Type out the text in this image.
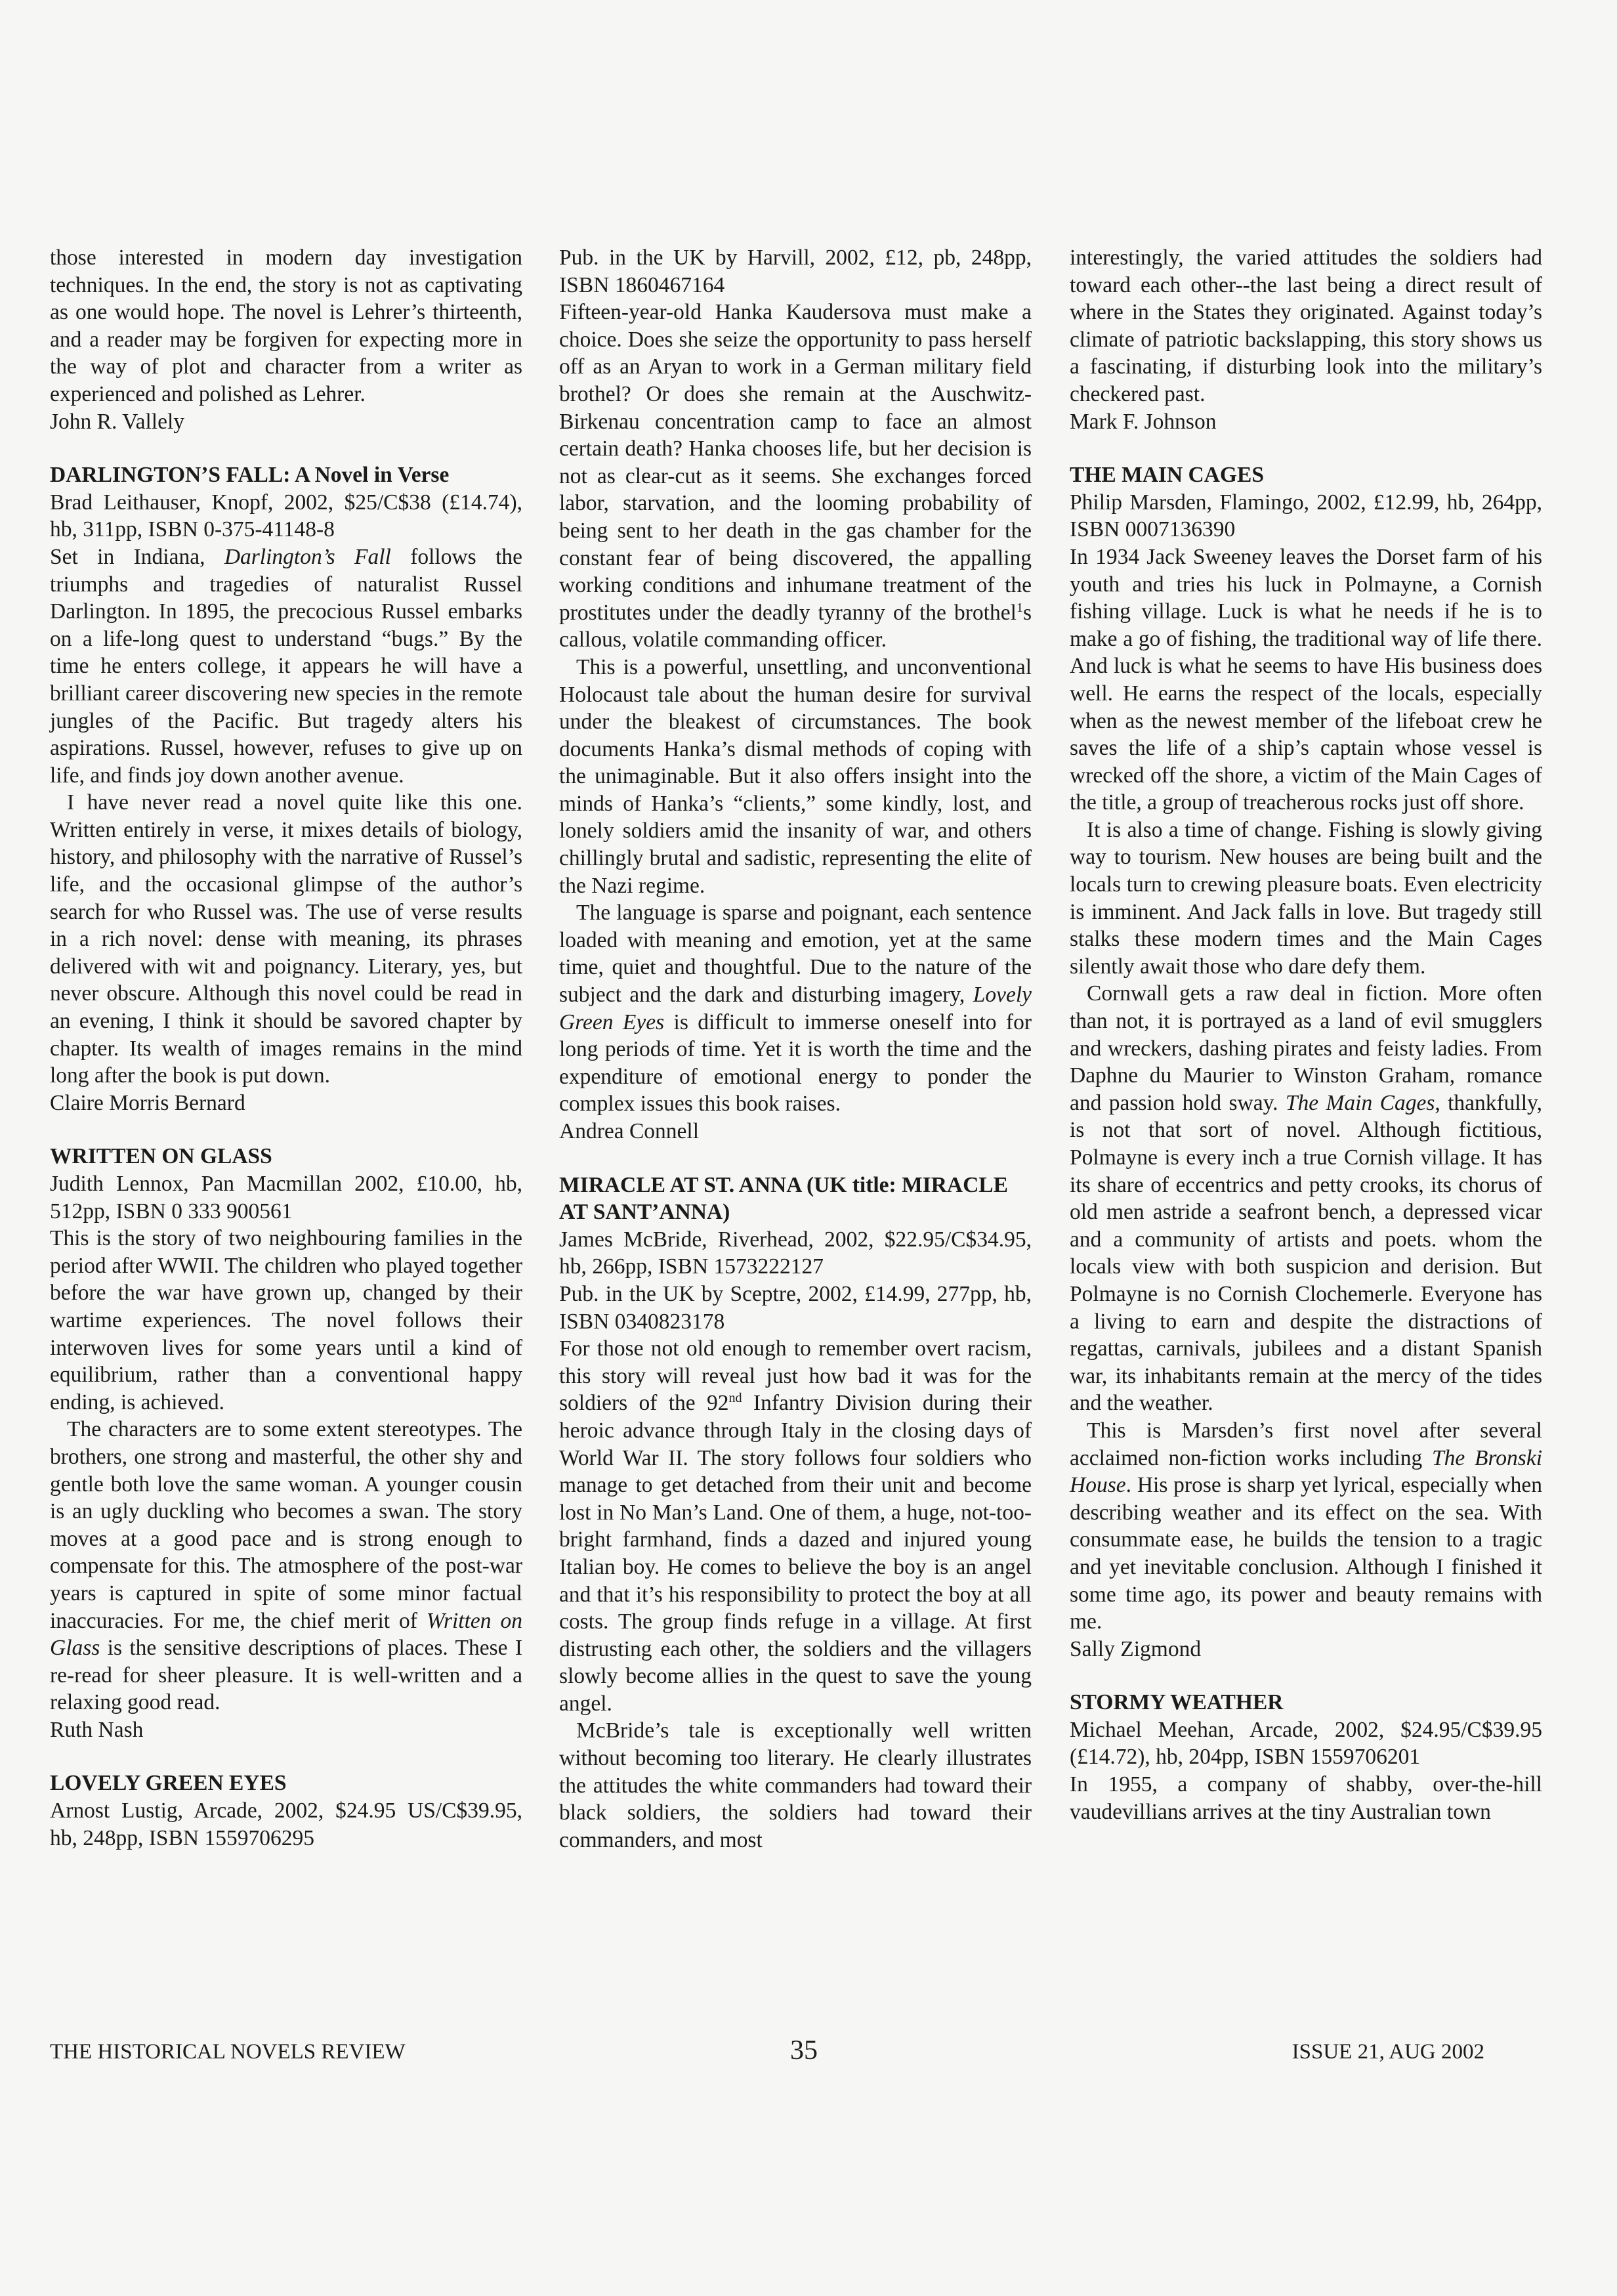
those interested in modern day investigation techniques. In the end, the story is not as captivating as one would hope. The novel is Lehrer’s thirteenth, and a reader may be forgiven for expecting more in the way of plot and character from a writer as experienced and polished as Lehrer.

John R. Vallely

DARLINGTON’S FALL: A Novel in Verse

Brad Leithauser, Knopf, 2002, $25/C$38 (£14.74), hb, 311pp, ISBN 0-375-41148-8

Set in Indiana, Darlington’s Fall follows the triumphs and tragedies of naturalist Russel Darlington. In 1895, the precocious Russel embarks on a life-long quest to understand “bugs.” By the time he enters college, it appears he will have a brilliant career discovering new species in the remote jungles of the Pacific. But tragedy alters his aspirations. Russel, however, refuses to give up on life, and finds joy down another avenue.

I have never read a novel quite like this one. Written entirely in verse, it mixes details of biology, history, and philosophy with the narrative of Russel’s life, and the occasional glimpse of the author’s search for who Russel was. The use of verse results in a rich novel: dense with meaning, its phrases delivered with wit and poignancy. Literary, yes, but never obscure. Although this novel could be read in an evening, I think it should be savored chapter by chapter. Its wealth of images remains in the mind long after the book is put down.

Claire Morris Bernard

WRITTEN ON GLASS

Judith Lennox, Pan Macmillan 2002, £10.00, hb, 512pp, ISBN 0 333 900561

This is the story of two neighbouring families in the period after WWII. The children who played together before the war have grown up, changed by their wartime experiences. The novel follows their interwoven lives for some years until a kind of equilibrium, rather than a conventional happy ending, is achieved.

The characters are to some extent stereotypes. The brothers, one strong and masterful, the other shy and gentle both love the same woman. A younger cousin is an ugly duckling who becomes a swan. The story moves at a good pace and is strong enough to compensate for this. The atmosphere of the post-war years is captured in spite of some minor factual inaccuracies. For me, the chief merit of Written on Glass is the sensitive descriptions of places. These I re-read for sheer pleasure. It is well-written and a relaxing good read.

Ruth Nash

LOVELY GREEN EYES

Arnost Lustig, Arcade, 2002, $24.95 US/C$39.95, hb, 248pp, ISBN 1559706295

Pub. in the UK by Harvill, 2002, £12, pb, 248pp, ISBN 1860467164

Fifteen-year-old Hanka Kaudersova must make a choice. Does she seize the opportunity to pass herself off as an Aryan to work in a German military field brothel? Or does she remain at the Auschwitz-Birkenau concentration camp to face an almost certain death? Hanka chooses life, but her decision is not as clear-cut as it seems. She exchanges forced labor, starvation, and the looming probability of being sent to her death in the gas chamber for the constant fear of being discovered, the appalling working conditions and inhumane treatment of the prostitutes under the deadly tyranny of the brothel$^1$s callous, volatile commanding officer.

This is a powerful, unsettling, and unconventional Holocaust tale about the human desire for survival under the bleakest of circumstances. The book documents Hanka’s dismal methods of coping with the unimaginable. But it also offers insight into the minds of Hanka’s “clients,” some kindly, lost, and lonely soldiers amid the insanity of war, and others chillingly brutal and sadistic, representing the elite of the Nazi regime.

The language is sparse and poignant, each sentence loaded with meaning and emotion, yet at the same time, quiet and thoughtful. Due to the nature of the subject and the dark and disturbing imagery, Lovely Green Eyes is difficult to immerse oneself into for long periods of time. Yet it is worth the time and the expenditure of emotional energy to ponder the complex issues this book raises.

Andrea Connell

MIRACLE AT ST. ANNA (UK title: MIRACLE AT SANT’ANNA)

James McBride, Riverhead, 2002, $22.95/C$34.95, hb, 266pp, ISBN 1573222127

Pub. in the UK by Sceptre, 2002, £14.99, 277pp, hb, ISBN 0340823178

For those not old enough to remember overt racism, this story will reveal just how bad it was for the soldiers of the 92nd Infantry Division during their heroic advance through Italy in the closing days of World War II. The story follows four soldiers who manage to get detached from their unit and become lost in No Man’s Land. One of them, a huge, not-too-bright farmhand, finds a dazed and injured young Italian boy. He comes to believe the boy is an angel and that it’s his responsibility to protect the boy at all costs. The group finds refuge in a village. At first distrusting each other, the soldiers and the villagers slowly become allies in the quest to save the young angel.

McBride’s tale is exceptionally well written without becoming too literary. He clearly illustrates the attitudes the white commanders had toward their black soldiers, the soldiers had toward their commanders, and most

interestingly, the varied attitudes the soldiers had toward each other--the last being a direct result of where in the States they originated. Against today’s climate of patriotic backslapping, this story shows us a fascinating, if disturbing look into the military’s checkered past.

Mark F. Johnson

THE MAIN CAGES

Philip Marsden, Flamingo, 2002, £12.99, hb, 264pp, ISBN 0007136390

In 1934 Jack Sweeney leaves the Dorset farm of his youth and tries his luck in Polmayne, a Cornish fishing village. Luck is what he needs if he is to make a go of fishing, the traditional way of life there. And luck is what he seems to have His business does well. He earns the respect of the locals, especially when as the newest member of the lifeboat crew he saves the life of a ship’s captain whose vessel is wrecked off the shore, a victim of the Main Cages of the title, a group of treacherous rocks just off shore.

It is also a time of change. Fishing is slowly giving way to tourism. New houses are being built and the locals turn to crewing pleasure boats. Even electricity is imminent. And Jack falls in love. But tragedy still stalks these modern times and the Main Cages silently await those who dare defy them.

Cornwall gets a raw deal in fiction. More often than not, it is portrayed as a land of evil smugglers and wreckers, dashing pirates and feisty ladies. From Daphne du Maurier to Winston Graham, romance and passion hold sway. The Main Cages, thankfully, is not that sort of novel. Although fictitious, Polmayne is every inch a true Cornish village. It has its share of eccentrics and petty crooks, its chorus of old men astride a seafront bench, a depressed vicar and a community of artists and poets. whom the locals view with both suspicion and derision. But Polmayne is no Cornish Clochemerle. Everyone has a living to earn and despite the distractions of regattas, carnivals, jubilees and a distant Spanish war, its inhabitants remain at the mercy of the tides and the weather.

This is Marsden’s first novel after several acclaimed non-fiction works including The Bronski House. His prose is sharp yet lyrical, especially when describing weather and its effect on the sea. With consummate ease, he builds the tension to a tragic and yet inevitable conclusion. Although I finished it some time ago, its power and beauty remains with me.

Sally Zigmond

STORMY WEATHER

Michael Meehan, Arcade, 2002, $24.95/C$39.95 (£14.72), hb, 204pp, ISBN 1559706201

In 1955, a company of shabby, over-the-hill vaudevillians arrives at the tiny Australian town

THE HISTORICAL NOVELS REVIEW	35	ISSUE 21, AUG 2002
